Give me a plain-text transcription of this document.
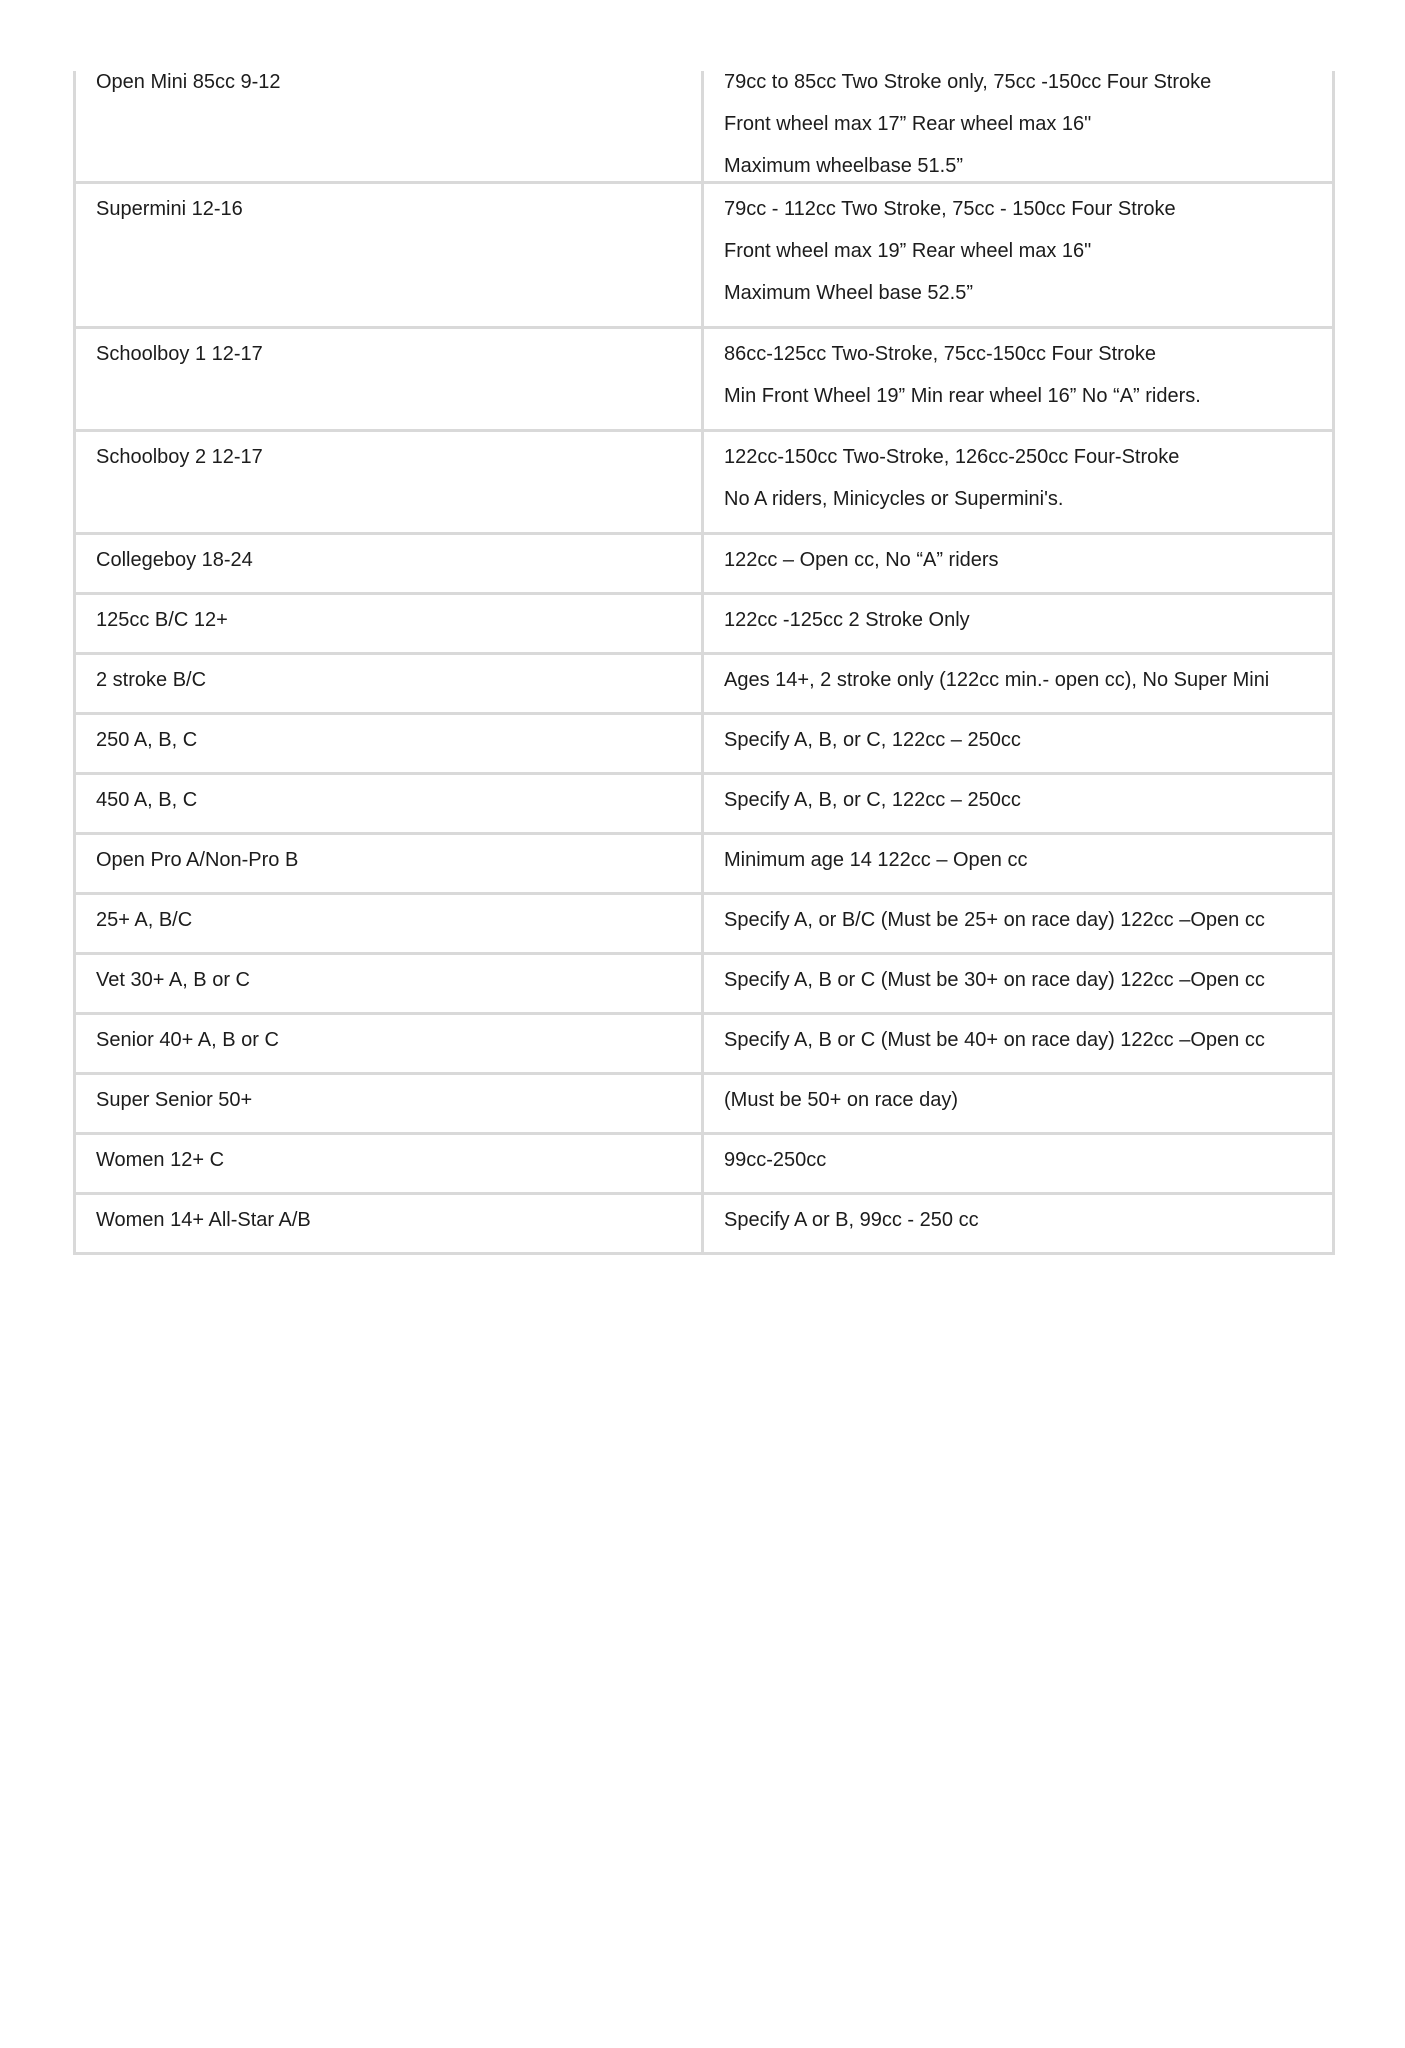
Open Mini 85cc 9-12	79cc to 85cc Two Stroke only, 75cc -150cc Four Stroke
Front wheel max 17” Rear wheel max 16"
Maximum wheelbase 51.5”
Supermini 12-16	79cc - 112cc Two Stroke, 75cc - 150cc Four Stroke
Front wheel max 19” Rear wheel max 16"
Maximum Wheel base 52.5”
Schoolboy 1 12-17	86cc-125cc Two-Stroke, 75cc-150cc Four Stroke
Min Front Wheel 19” Min rear wheel 16” No “A” riders.
Schoolboy 2 12-17	122cc-150cc Two-Stroke, 126cc-250cc Four-Stroke
No A riders, Minicycles or Supermini's.
Collegeboy 18-24	122cc – Open cc, No “A” riders
125cc B/C 12+	122cc -125cc 2 Stroke Only
2 stroke B/C	Ages 14+, 2 stroke only (122cc min.- open cc), No Super Mini
250 A, B, C	Specify A, B, or C, 122cc – 250cc
450 A, B, C	Specify A, B, or C, 122cc – 250cc
Open Pro A/Non-Pro B	Minimum age 14 122cc – Open cc
25+ A, B/C	Specify A, or B/C (Must be 25+ on race day) 122cc –Open cc
Vet 30+ A, B or C	Specify A, B or C (Must be 30+ on race day) 122cc –Open cc
Senior 40+ A, B or C	Specify A, B or C (Must be 40+ on race day) 122cc –Open cc
Super Senior 50+	(Must be 50+ on race day)
Women 12+ C	99cc-250cc
Women 14+ All-Star A/B	Specify A or B, 99cc - 250 cc
